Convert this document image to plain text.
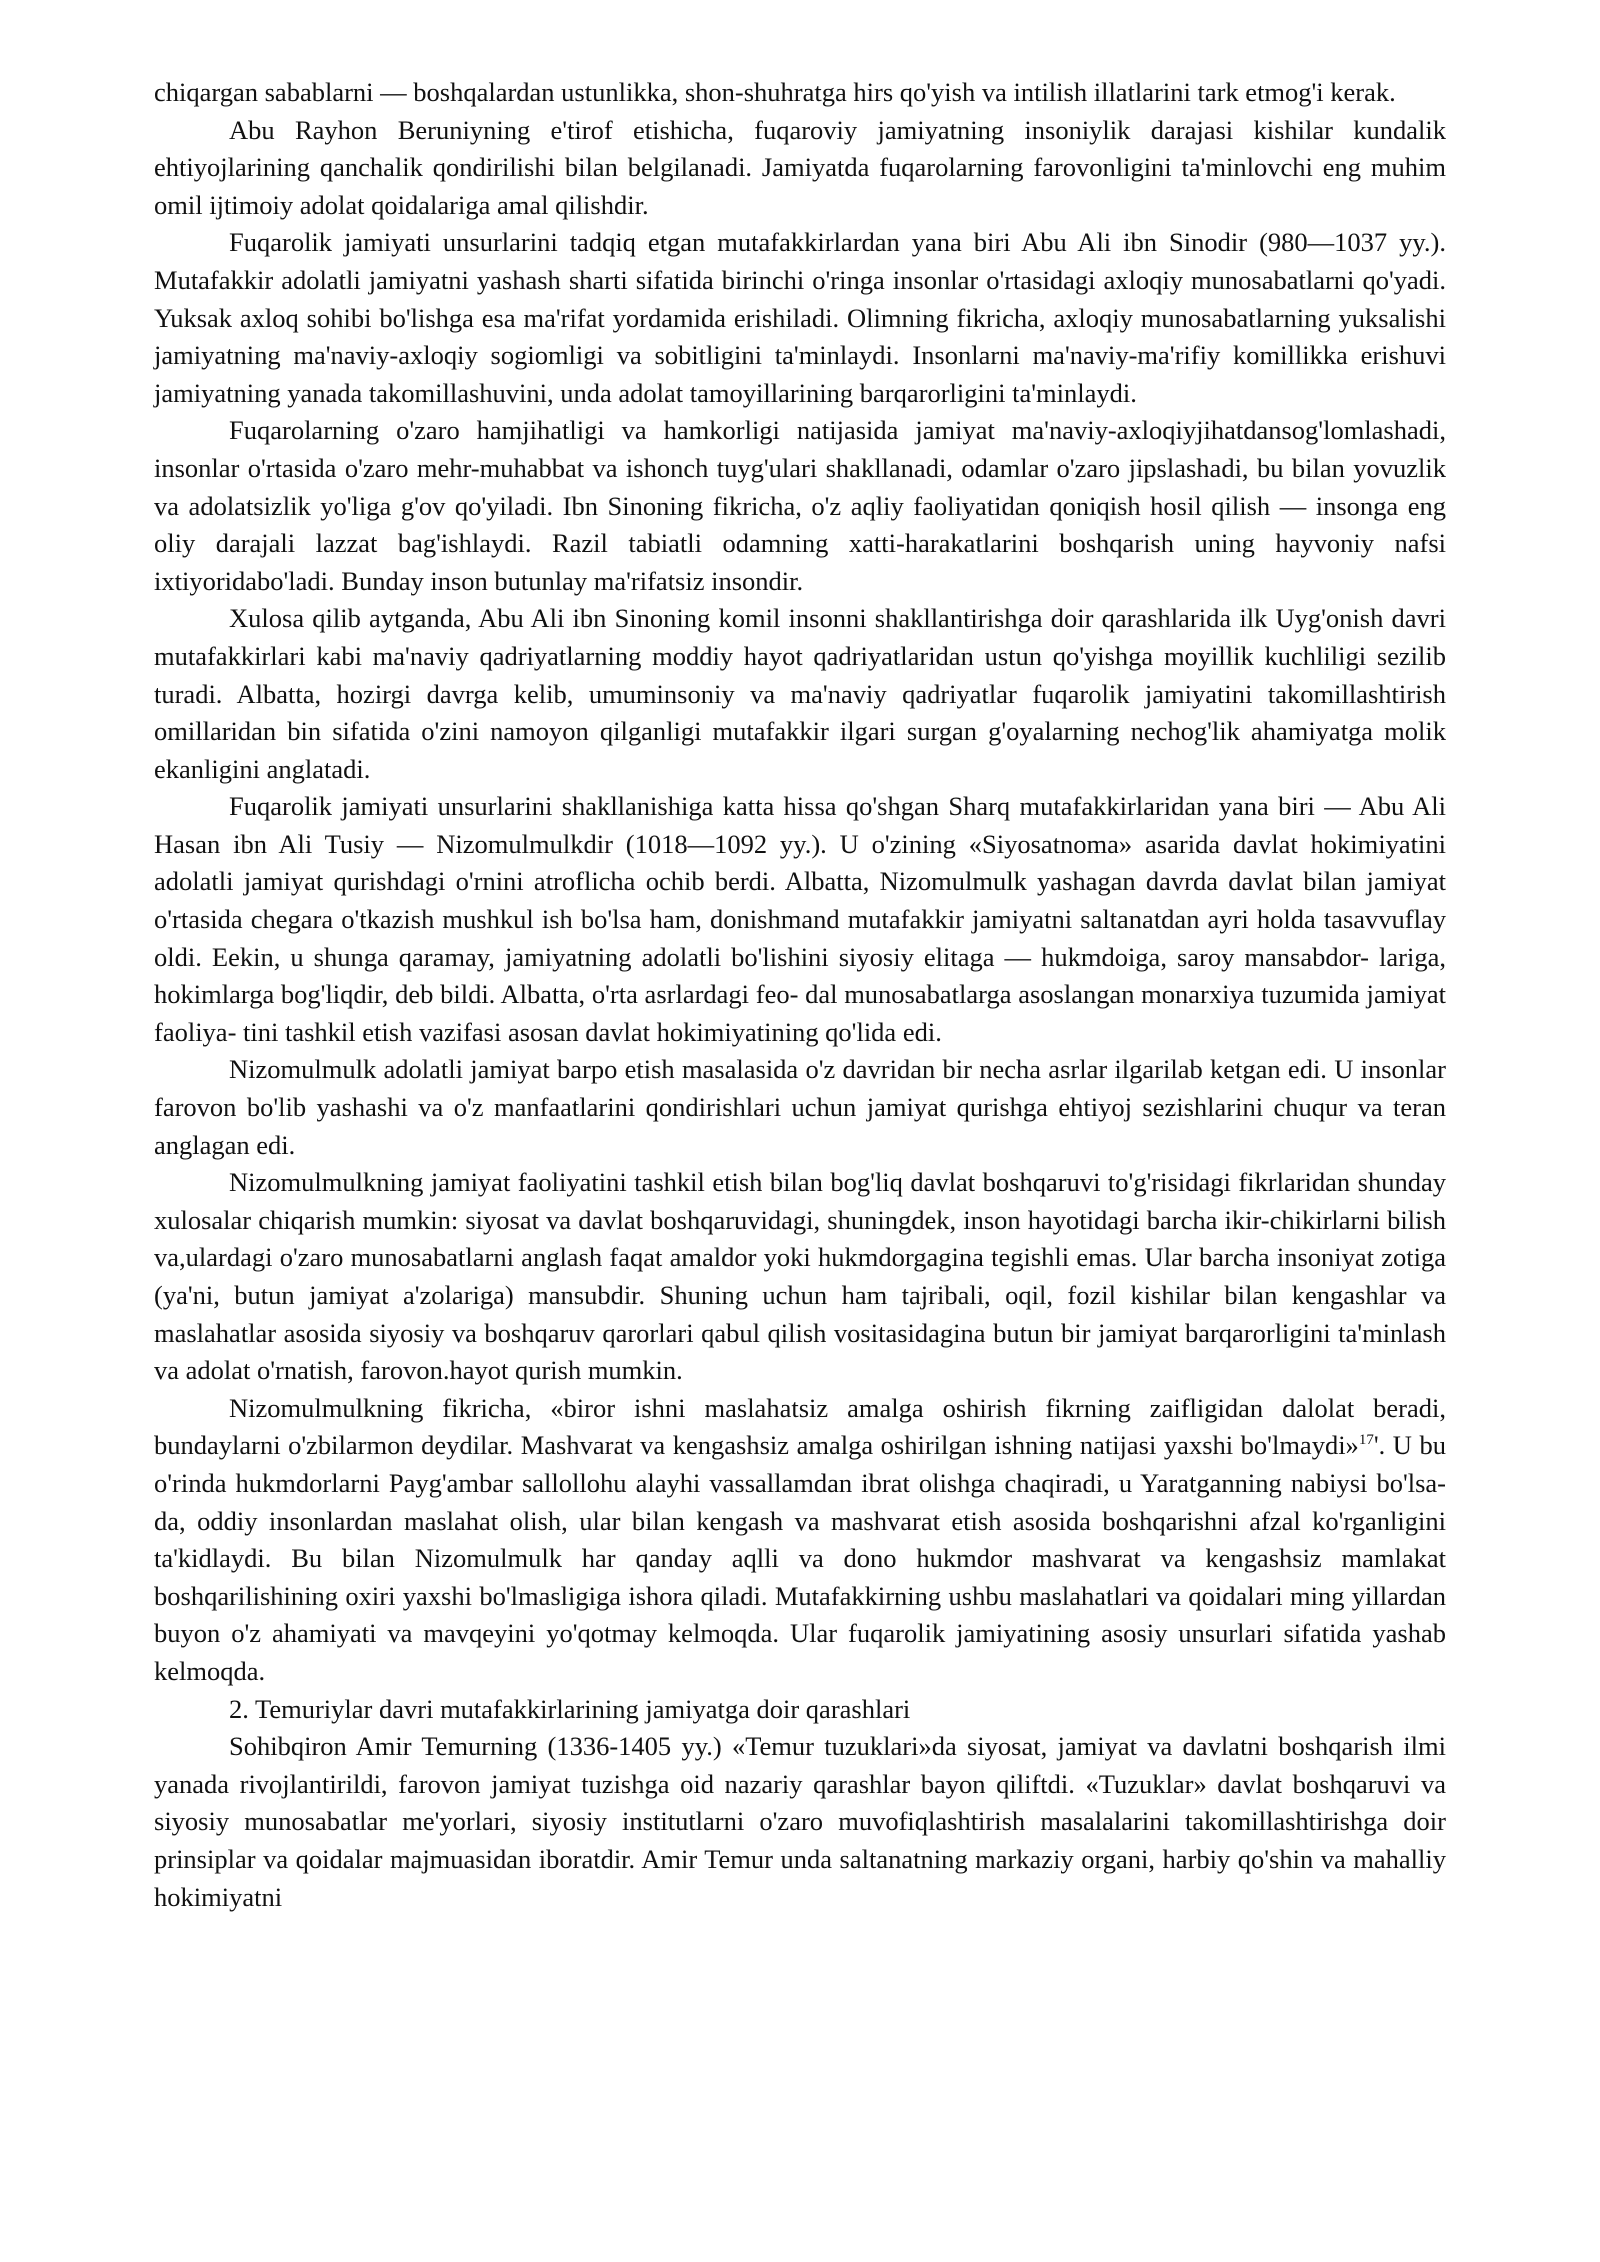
chiqargan sabablarni — boshqalardan ustunlikka, shon-shuhratga hirs qo'yish va intilish illatlarini tark etmog'i kerak.

Abu Rayhon Beruniyning e'tirof etishicha, fuqaroviy jamiyatning insoniylik darajasi kishilar kundalik ehtiyojlarining qanchalik qondirilishi bilan belgilanadi. Jamiyatda fuqarolarning farovonligini ta'minlovchi eng muhim omil ijtimoiy adolat qoidalariga amal qilishdir.

Fuqarolik jamiyati unsurlarini tadqiq etgan mutafakkirlardan yana biri Abu Ali ibn Sinodir (980—1037 yy.). Mutafakkir adolatli jamiyatni yashash sharti sifatida birinchi o'ringa insonlar o'rtasidagi axloqiy munosabatlarni qo'yadi. Yuksak axloq sohibi bo'lishga esa ma'rifat yordamida erishiladi. Olimning fikricha, axloqiy munosabatlarning yuksalishi jamiyatning ma'naviy-axloqiy sogiomligi va sobitligini ta'minlaydi. Insonlarni ma'naviy-ma'rifiy komillikka erishuvi jamiyatning yanada takomillashuvini, unda adolat tamoyillarining barqarorligini ta'minlaydi.

Fuqarolarning o'zaro hamjihatligi va hamkorligi natijasida jamiyat ma'naviy-axloqiyjihatdansog'lomlashadi, insonlar o'rtasida o'zaro mehr-muhabbat va ishonch tuyg'ulari shakllanadi, odamlar o'zaro jipslashadi, bu bilan yovuzlik va adolatsizlik yo'liga g'ov qo'yiladi. Ibn Sinoning fikricha, o'z aqliy faoliyatidan qoniqish hosil qilish — insonga eng oliy darajali lazzat bag'ishlaydi. Razil tabiatli odamning xatti-harakatlarini boshqarish uning hayvoniy nafsi ixtiyoridabo'ladi. Bunday inson butunlay ma'rifatsiz insondir.

Xulosa qilib aytganda, Abu Ali ibn Sinoning komil insonni shakllantirishga doir qarashlarida ilk Uyg'onish davri mutafakkirlari kabi ma'naviy qadriyatlarning moddiy hayot qadriyatlaridan ustun qo'yishga moyillik kuchliligi sezilib turadi. Albatta, hozirgi davrga kelib, umuminsoniy va ma'naviy qadriyatlar fuqarolik jamiyatini takomillashtirish omillaridan bin sifatida o'zini namoyon qilganligi mutafakkir ilgari surgan g'oyalarning nechog'lik ahamiyatga molik ekanligini anglatadi.

Fuqarolik jamiyati unsurlarini shakllanishiga katta hissa qo'shgan Sharq mutafakkirlaridan yana biri — Abu Ali Hasan ibn Ali Tusiy — Nizomulmulkdir (1018—1092 yy.). U o'zining «Siyosatnoma» asarida davlat hokimiyatini adolatli jamiyat qurishdagi o'rnini atroflicha ochib berdi. Albatta, Nizomulmulk yashagan davrda davlat bilan jamiyat o'rtasida chegara o'tkazish mushkul ish bo'lsa ham, donishmand mutafakkir jamiyatni saltanatdan ayri holda tasavvuflay oldi. Eekin, u shunga qaramay, jamiyatning adolatli bo'lishini siyosiy elitaga — hukmdoiga, saroy mansabdor- lariga, hokimlarga bog'liqdir, deb bildi. Albatta, o'rta asrlardagi feo- dal munosabatlarga asoslangan monarxiya tuzumida jamiyat faoliya- tini tashkil etish vazifasi asosan davlat hokimiyatining qo'lida edi.

Nizomulmulk adolatli jamiyat barpo etish masalasida o'z davridan bir necha asrlar ilgarilab ketgan edi. U insonlar farovon bo'lib yashashi va o'z manfaatlarini qondirishlari uchun jamiyat qurishga ehtiyoj sezishlarini chuqur va teran anglagan edi.

Nizomulmulkning jamiyat faoliyatini tashkil etish bilan bog'liq davlat boshqaruvi to'g'risidagi fikrlaridan shunday xulosalar chiqarish mumkin: siyosat va davlat boshqaruvidagi, shuningdek, inson hayotidagi barcha ikir-chikirlarni bilish va,ulardagi o'zaro munosabatlarni anglash faqat amaldor yoki hukmdorgagina tegishli emas. Ular barcha insoniyat zotiga (ya'ni, butun jamiyat a'zolariga) mansubdir. Shuning uchun ham tajribali, oqil, fozil kishilar bilan kengashlar va maslahatlar asosida siyosiy va boshqaruv qarorlari qabul qilish vositasidagina butun bir jamiyat barqarorligini ta'minlash va adolat o'rnatish, farovon.hayot qurish mumkin.

Nizomulmulkning fikricha, «biror ishni maslahatsiz amalga oshirish fikrning zaifligidan dalolat beradi, bundaylarni o'zbilarmon deydilar. Mashvarat va kengashsiz amalga oshirilgan ishning natijasi yaxshi bo'lmaydi»$^{17}$'. U bu o'rinda hukmdorlarni Payg'ambar sallollohu alayhi vassallamdan ibrat olishga chaqiradi, u Yaratganning nabiysi bo'lsa-da, oddiy insonlardan maslahat olish, ular bilan kengash va mashvarat etish asosida boshqarishni afzal ko'rganligini ta'kidlaydi. Bu bilan Nizomulmulk har qanday aqlli va dono hukmdor mashvarat va kengashsiz mamlakat boshqarilishining oxiri yaxshi bo'lmasligiga ishora qiladi. Mutafakkirning ushbu maslahatlari va qoidalari ming yillardan buyon o'z ahamiyati va mavqeyini yo'qotmay kelmoqda. Ular fuqarolik jamiyatining asosiy unsurlari sifatida yashab kelmoqda.

2. Temuriylar davri mutafakkirlarining jamiyatga doir qarashlari

Sohibqiron Amir Temurning (1336-1405 yy.) «Temur tuzuklari»da siyosat, jamiyat va davlatni boshqarish ilmi yanada rivojlantirildi, farovon jamiyat tuzishga oid nazariy qarashlar bayon qiliftdi. «Tuzuklar» davlat boshqaruvi va siyosiy munosabatlar me'yorlari, siyosiy institutlarni o'zaro muvofiqlashtirish masalalarini takomillashtirishga doir prinsiplar va qoidalar majmuasidan iboratdir. Amir Temur unda saltanatning markaziy organi, harbiy qo'shin va mahalliy hokimiyatni
